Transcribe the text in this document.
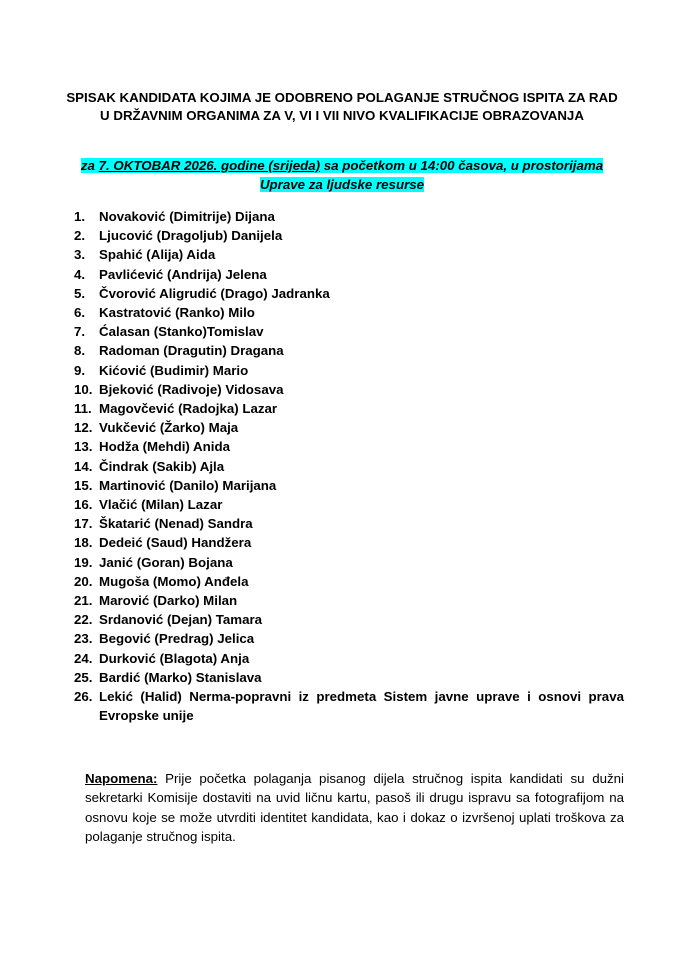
SPISAK KANDIDATA KOJIMA JE ODOBRENO POLAGANJE STRUČNOG ISPITA ZA RAD U DRŽAVNIM ORGANIMA ZA V, VI I VII NIVO KVALIFIKACIJE OBRAZOVANJA
za 7. OKTOBAR 2026. godine (srijeda) sa početkom u 14:00 časova, u prostorijama Uprave za ljudske resurse
1.	Novaković (Dimitrije) Dijana
2.	Ljucović (Dragoljub) Danijela
3.	Spahić (Alija) Aida
4.	Pavlićević (Andrija) Jelena
5.	Čvorović Aligrudić (Drago) Jadranka
6.	Kastratović (Ranko) Milo
7.	Ćalasan (Stanko)Tomislav
8.	Radoman (Dragutin) Dragana
9.	Kićović (Budimir) Mario
10. Bjeković (Radivoje) Vidosava
11. Magovčević (Radojka) Lazar
12. Vukčević (Žarko) Maja
13. Hodža (Mehdi) Anida
14. Čindrak (Sakib) Ajla
15. Martinović (Danilo) Marijana
16. Vlačić (Milan) Lazar
17. Škatarić (Nenad) Sandra
18. Dedeić (Saud) Handžera
19. Janić (Goran) Bojana
20. Mugoša (Momo) Anđela
21. Marović (Darko) Milan
22. Srdanović (Dejan) Tamara
23. Begović (Predrag) Jelica
24. Durković (Blagota) Anja
25. Bardić (Marko) Stanislava
26. Lekić (Halid) Nerma-popravni iz predmeta Sistem javne uprave i osnovi prava Evropske unije
Napomena: Prije početka polaganja pisanog dijela stručnog ispita kandidati su dužni sekretarki Komisije dostaviti na uvid ličnu kartu, pasoš ili drugu ispravu sa fotografijom na osnovu koje se može utvrditi identitet kandidata, kao i dokaz o izvršenoj uplati troškova za polaganje stručnog ispita.
